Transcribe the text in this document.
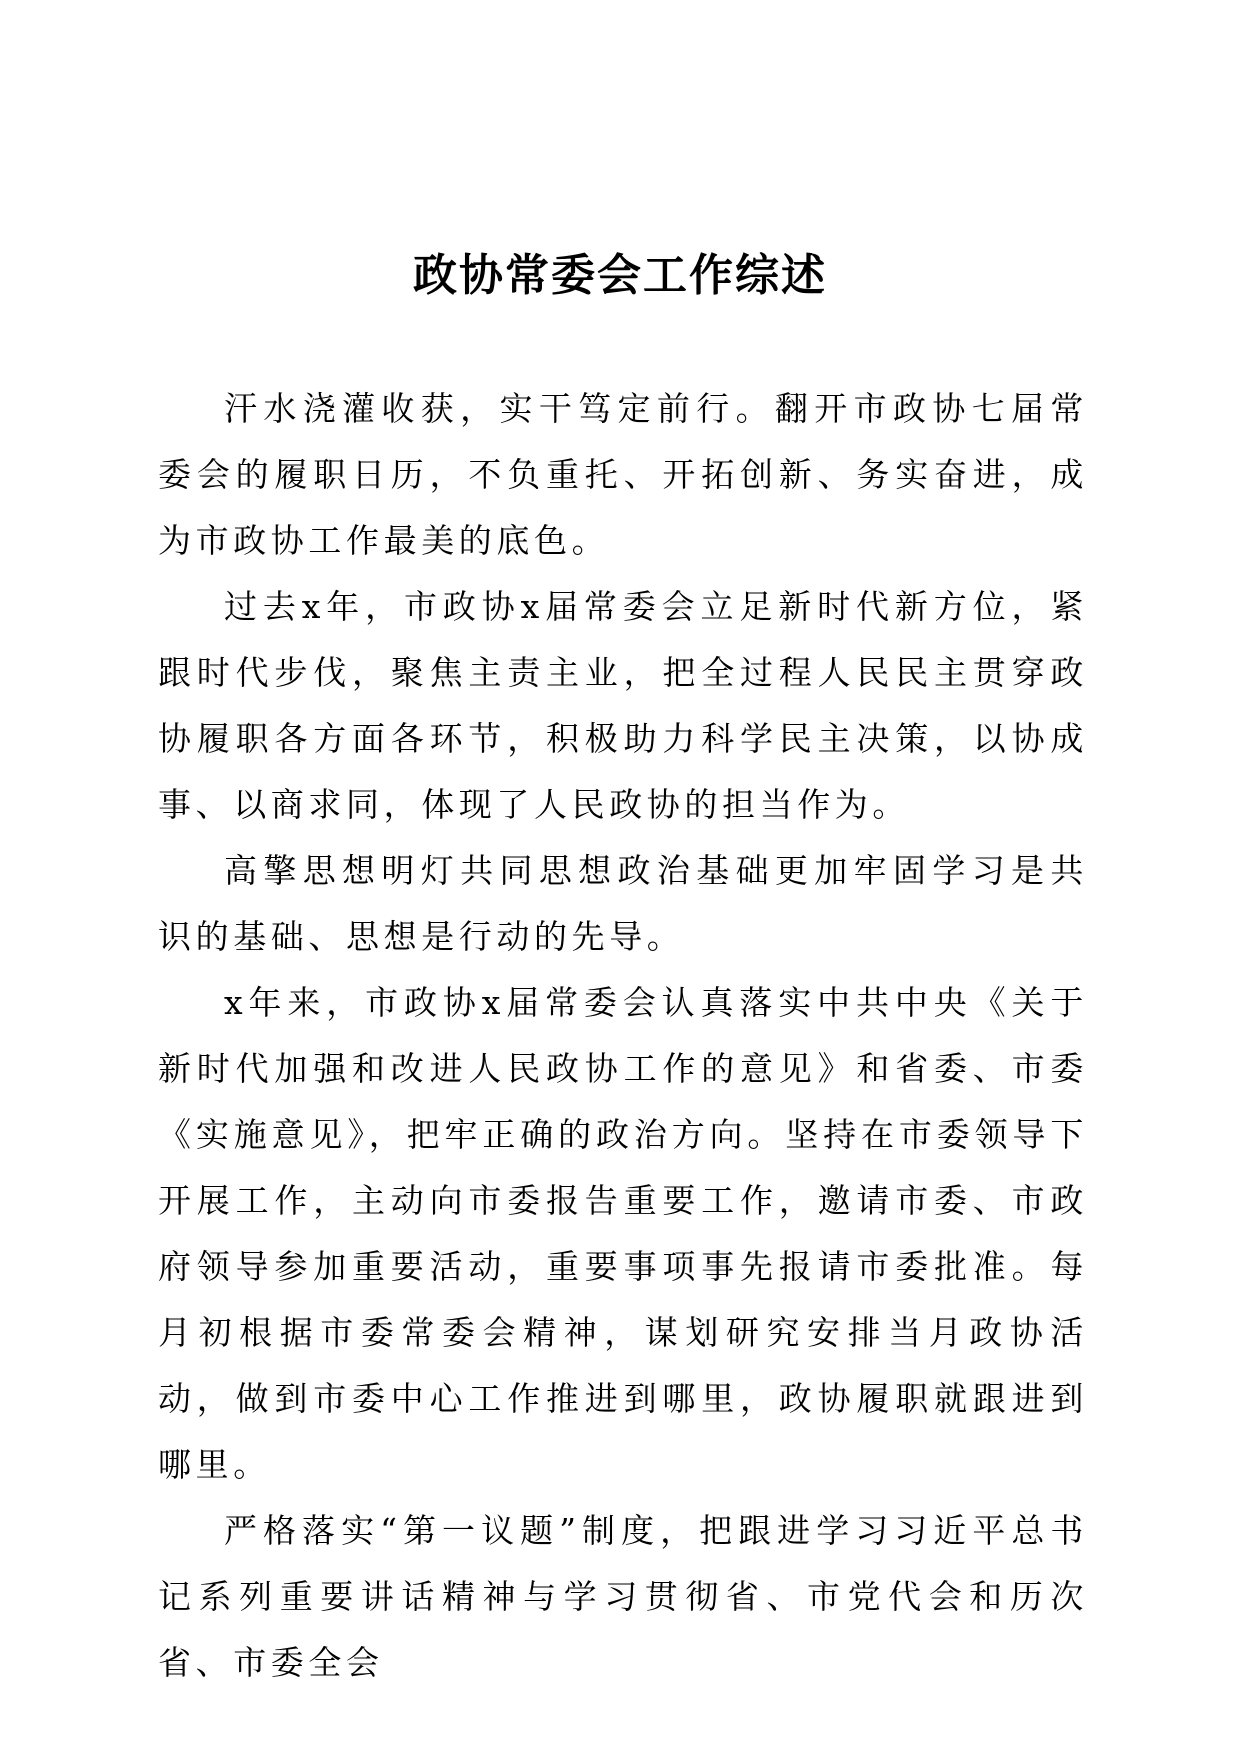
政协常委会工作综述

汗水浇灌收获，实干笃定前行。翻开市政协七届常委会的履职日历，不负重托、开拓创新、务实奋进，成为市政协工作最美的底色。

过去x年，市政协x届常委会立足新时代新方位，紧跟时代步伐，聚焦主责主业，把全过程人民民主贯穿政协履职各方面各环节，积极助力科学民主决策，以协成事、以商求同，体现了人民政协的担当作为。

高擎思想明灯共同思想政治基础更加牢固学习是共识的基础、思想是行动的先导。

x年来，市政协x届常委会认真落实中共中央《关于新时代加强和改进人民政协工作的意见》和省委、市委《实施意见》，把牢正确的政治方向。坚持在市委领导下开展工作，主动向市委报告重要工作，邀请市委、市政府领导参加重要活动，重要事项事先报请市委批准。每月初根据市委常委会精神，谋划研究安排当月政协活动，做到市委中心工作推进到哪里，政协履职就跟进到哪里。

严格落实“第一议题”制度，把跟进学习习近平总书记系列重要讲话精神与学习贯彻省、市党代会和历次省、市委全会
